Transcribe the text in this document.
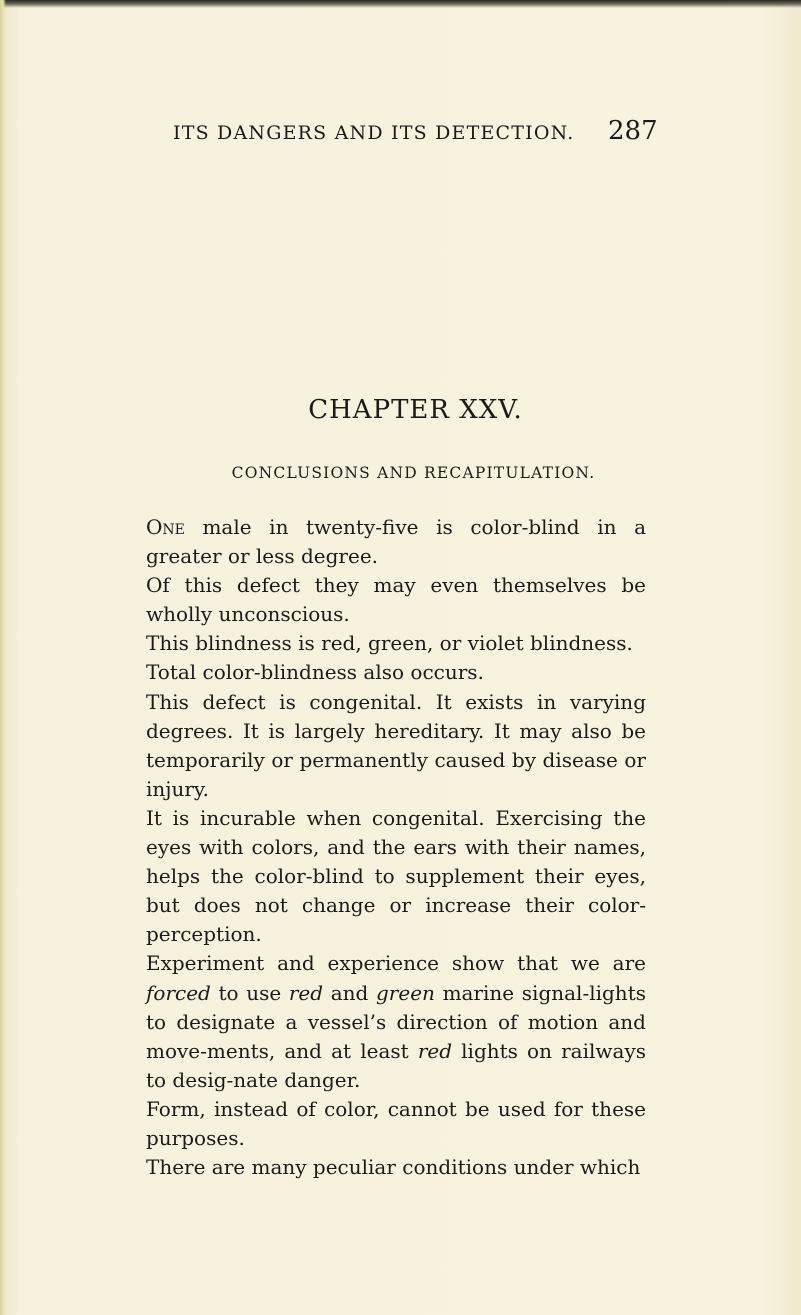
ITS DANGERS AND ITS DETECTION. 287
CHAPTER XXV.
CONCLUSIONS AND RECAPITULATION.

One male in twenty-five is color-blind in a greater or less degree.

Of this defect they may even themselves be wholly unconscious.

This blindness is red, green, or violet blindness.

Total color-blindness also occurs.

This defect is congenital. It exists in varying degrees. It is largely hereditary. It may also be temporarily or permanently caused by disease or injury.

It is incurable when congenital. Exercising the eyes with colors, and the ears with their names, helps the color-blind to supplement their eyes, but does not change or increase their color-perception.

Experiment and experience show that we are forced to use red and green marine signal-lights to designate a vessel’s direction of motion and move-ments, and at least red lights on railways to desig-nate danger.

Form, instead of color, cannot be used for these purposes.

There are many peculiar conditions under which
